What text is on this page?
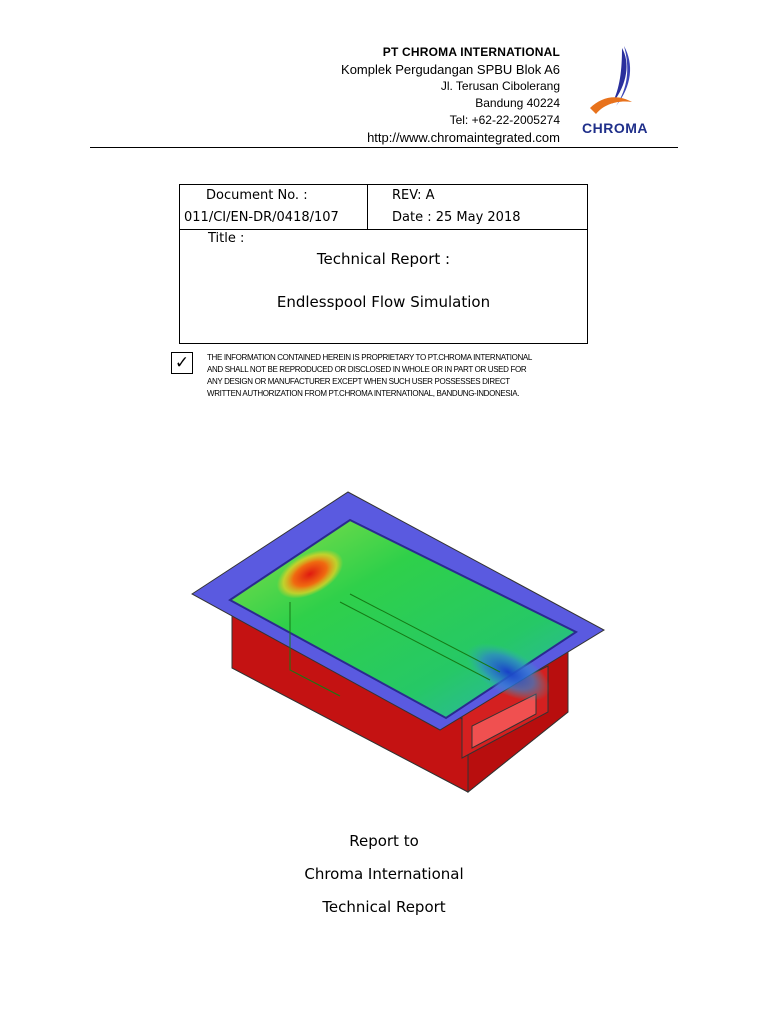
PT CHROMA INTERNATIONAL
Komplek Pergudangan SPBU Blok A6
Jl. Terusan Cibolerang
Bandung 40224
Tel: +62-22-2005274
http://www.chromaintegrated.com
CHROMA
Document No. :
011/CI/EN-DR/0418/107
REV: A
Date : 25 May 2018
Title :
Technical Report :
Endlesspool Flow Simulation
✓	THE INFORMATION CONTAINED HEREIN IS PROPRIETARY TO PT.CHROMA INTERNATIONAL
AND SHALL NOT BE REPRODUCED OR DISCLOSED IN WHOLE OR IN PART OR USED FOR
ANY DESIGN OR MANUFACTURER EXCEPT WHEN SUCH USER POSSESSES DIRECT
WRITTEN AUTHORIZATION FROM PT.CHROMA INTERNATIONAL, BANDUNG-INDONESIA.
Report to
Chroma International
Technical Report
